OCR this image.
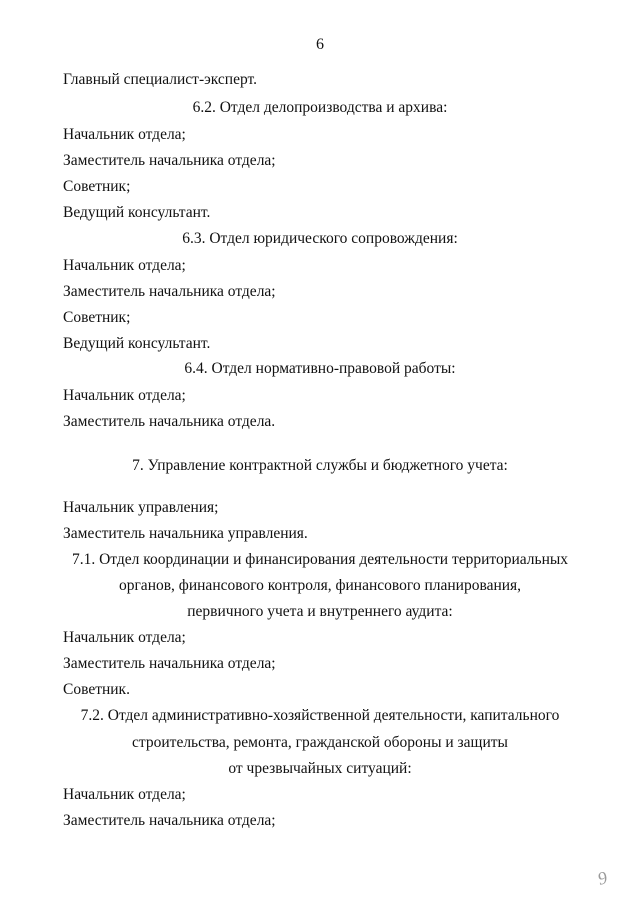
6
Главный специалист-эксперт.
6.2. Отдел делопроизводства и архива:
Начальник отдела;
Заместитель начальника отдела;
Советник;
Ведущий консультант.
6.3. Отдел юридического сопровождения:
Начальник отдела;
Заместитель начальника отдела;
Советник;
Ведущий консультант.
6.4. Отдел нормативно-правовой работы:
Начальник отдела;
Заместитель начальника отдела.
7. Управление контрактной службы и бюджетного учета:
Начальник управления;
Заместитель начальника управления.
7.1. Отдел координации и финансирования деятельности территориальных
органов, финансового контроля, финансового планирования,
первичного учета и внутреннего аудита:
Начальник отдела;
Заместитель начальника отдела;
Советник.
7.2. Отдел административно-хозяйственной деятельности, капитального
строительства, ремонта, гражданской обороны и защиты
от чрезвычайных ситуаций:
Начальник отдела;
Заместитель начальника отдела;
9
